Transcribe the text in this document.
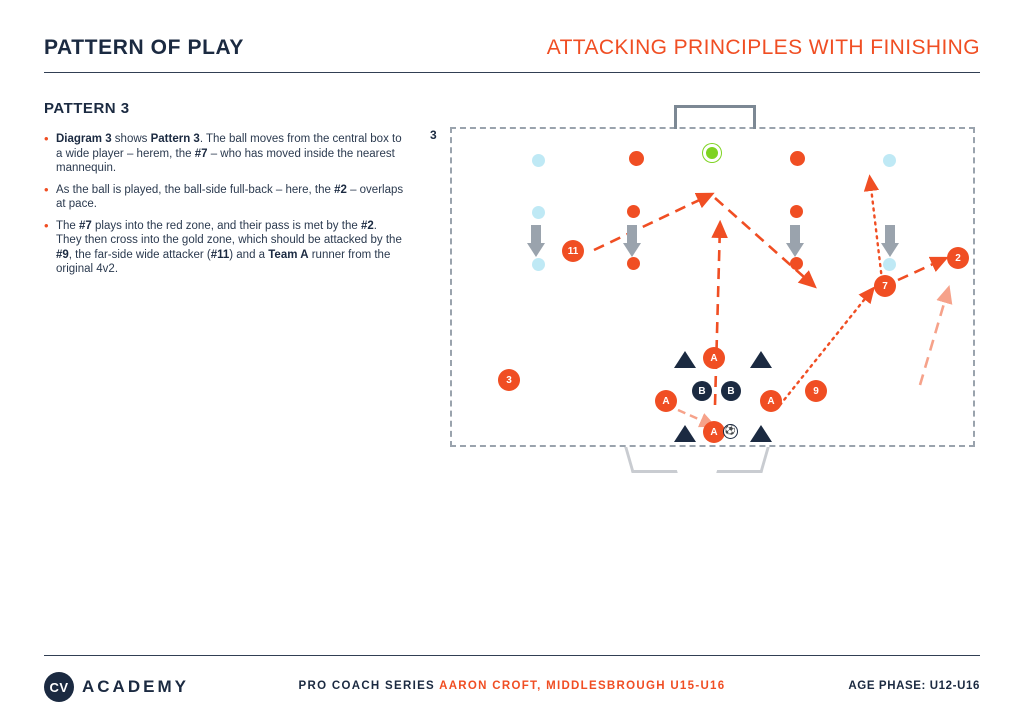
PATTERN OF PLAY	ATTACKING PRINCIPLES WITH FINISHING
PATTERN 3
• Diagram 3 shows Pattern 3. The ball moves from the central box to a wide player – herem, the #7 – who has moved inside the nearest mannequin.
• As the ball is played, the ball-side full-back – here, the #2 – overlaps at pace.
• The #7 plays into the red zone, and their pass is met by the #2. They then cross into the gold zone, which should be attacked by the #9, the far-side wide attacker (#11) and a Team A runner from the original 4v2.
3
11
9
7
2
3
A
A	A
A
B	B
⚽
CV ACADEMY	PRO COACH SERIES AARON CROFT, MIDDLESBROUGH U15-U16	AGE PHASE: U12-U16
